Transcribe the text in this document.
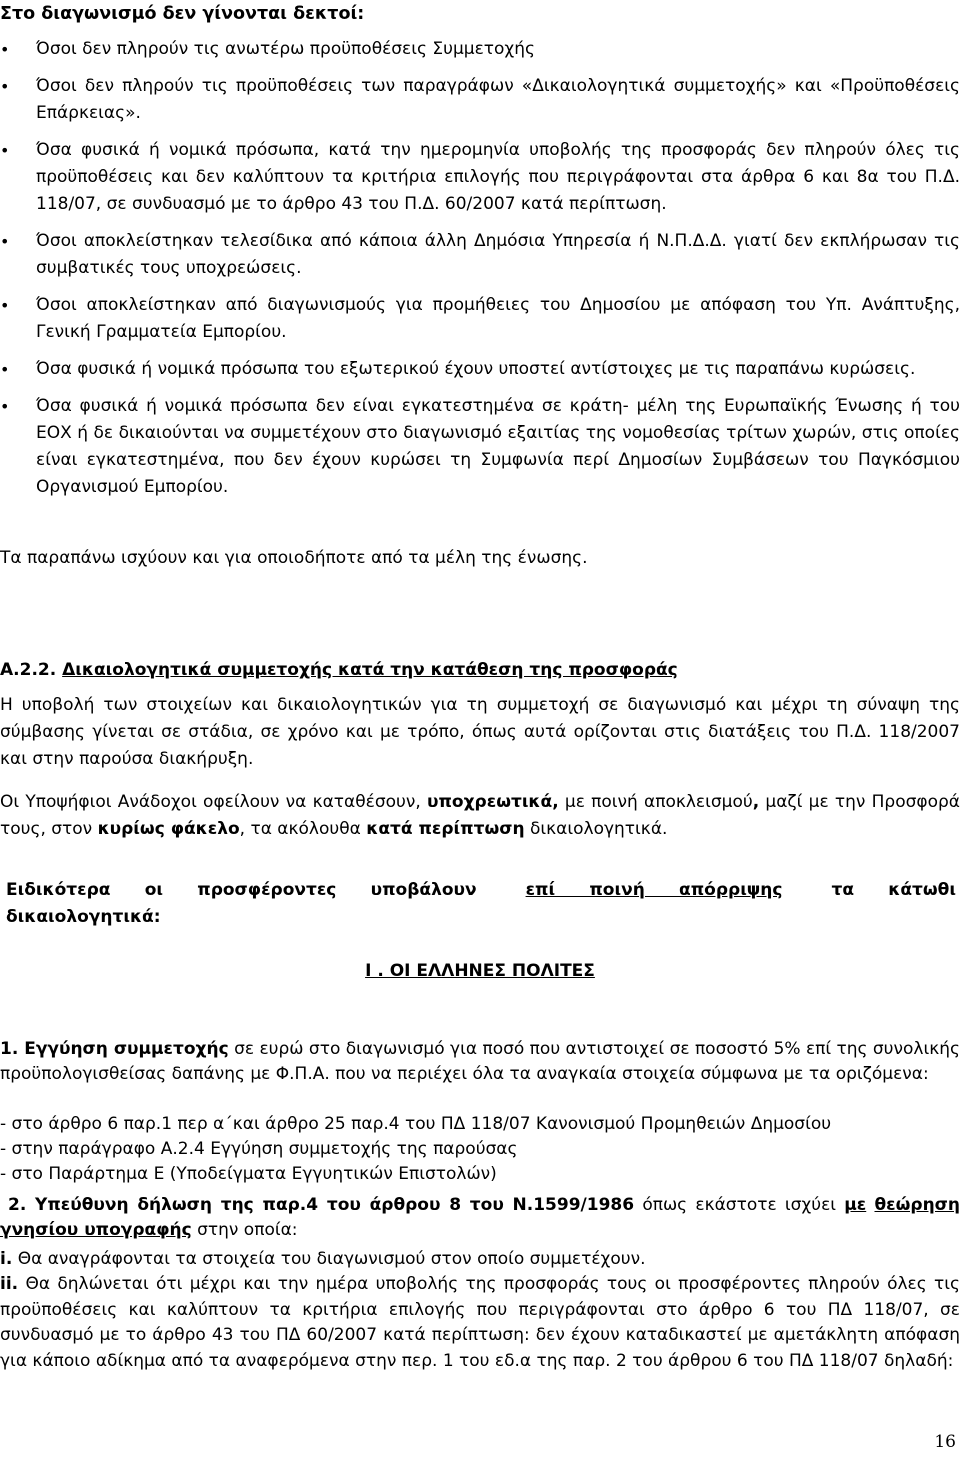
Στο διαγωνισμό δεν γίνονται δεκτοί:
• Όσοι δεν πληρούν τις ανωτέρω προϋποθέσεις Συμμετοχής
• Όσοι δεν πληρούν τις προϋποθέσεις των παραγράφων «Δικαιολογητικά συμμετοχής» και «Προϋποθέσεις Επάρκειας».
• Όσα φυσικά ή νομικά πρόσωπα, κατά την ημερομηνία υποβολής της προσφοράς δεν πληρούν όλες τις προϋποθέσεις και δεν καλύπτουν τα κριτήρια επιλογής που περιγράφονται στα άρθρα 6 και 8α του Π.Δ. 118/07, σε συνδυασμό με το άρθρο 43 του Π.Δ. 60/2007 κατά περίπτωση.
• Όσοι αποκλείστηκαν τελεσίδικα από κάποια άλλη Δημόσια Υπηρεσία ή Ν.Π.Δ.Δ. γιατί δεν εκπλήρωσαν τις συμβατικές τους υποχρεώσεις.
• Όσοι αποκλείστηκαν από διαγωνισμούς για προμήθειες του Δημοσίου με απόφαση του Υπ. Ανάπτυξης, Γενική Γραμματεία Εμπορίου.
• Όσα φυσικά ή νομικά πρόσωπα του εξωτερικού έχουν υποστεί αντίστοιχες με τις παραπάνω κυρώσεις.
• Όσα φυσικά ή νομικά πρόσωπα δεν είναι εγκατεστημένα σε κράτη- μέλη της Ευρωπαϊκής Ένωσης ή του ΕΟΧ ή δε δικαιούνται να συμμετέχουν στο διαγωνισμό εξαιτίας της νομοθεσίας τρίτων χωρών, στις οποίες είναι εγκατεστημένα, που δεν έχουν κυρώσει τη Συμφωνία περί Δημοσίων Συμβάσεων του Παγκόσμιου Οργανισμού Εμπορίου.
Τα παραπάνω ισχύουν και για οποιοδήποτε από τα μέλη της ένωσης.
Α.2.2. Δικαιολογητικά συμμετοχής κατά την κατάθεση της προσφοράς
Η υποβολή των στοιχείων και δικαιολογητικών για τη συμμετοχή σε διαγωνισμό και μέχρι τη σύναψη της σύμβασης γίνεται σε στάδια, σε χρόνο και με τρόπο, όπως αυτά ορίζονται στις διατάξεις του Π.Δ. 118/2007 και στην παρούσα διακήρυξη.
Οι Υποψήφιοι Ανάδοχοι οφείλουν να καταθέσουν, υποχρεωτικά, με ποινή αποκλεισμού, μαζί με την Προσφορά τους, στον κυρίως φάκελο, τα ακόλουθα κατά περίπτωση δικαιολογητικά.
Ειδικότερα οι προσφέροντες υποβάλουν	επί ποινή απόρριψης	τα κάτωθι δικαιολογητικά:
Ι . ΟΙ ΕΛΛΗΝΕΣ ΠΟΛΙΤΕΣ
1. Εγγύηση συμμετοχής σε ευρώ στο διαγωνισμό για ποσό που αντιστοιχεί σε ποσοστό 5% επί της συνολικής προϋπολογισθείσας δαπάνης με Φ.Π.Α. που να περιέχει όλα τα αναγκαία στοιχεία σύμφωνα με τα οριζόμενα:
- στο άρθρο 6 παρ.1 περ α΄και άρθρο 25 παρ.4 του ΠΔ 118/07 Κανονισμού Προμηθειών Δημοσίου
- στην παράγραφο Α.2.4 Εγγύηση συμμετοχής της παρούσας
- στο Παράρτημα Ε (Υποδείγματα Εγγυητικών Επιστολών)
2. Υπεύθυνη δήλωση της παρ.4 του άρθρου 8 του Ν.1599/1986 όπως εκάστοτε ισχύει με θεώρηση γνησίου υπογραφής στην οποία:
i. Θα αναγράφονται τα στοιχεία του διαγωνισμού στον οποίο συμμετέχουν.
ii. Θα δηλώνεται ότι μέχρι και την ημέρα υποβολής της προσφοράς τους οι προσφέροντες πληρούν όλες τις προϋποθέσεις και καλύπτουν τα κριτήρια επιλογής που περιγράφονται στο άρθρο 6 του ΠΔ 118/07, σε συνδυασμό με το άρθρο 43 του ΠΔ 60/2007 κατά περίπτωση: δεν έχουν καταδικαστεί με αμετάκλητη απόφαση για κάποιο αδίκημα από τα αναφερόμενα στην περ. 1 του εδ.α της παρ. 2 του άρθρου 6 του ΠΔ 118/07 δηλαδή:
16
